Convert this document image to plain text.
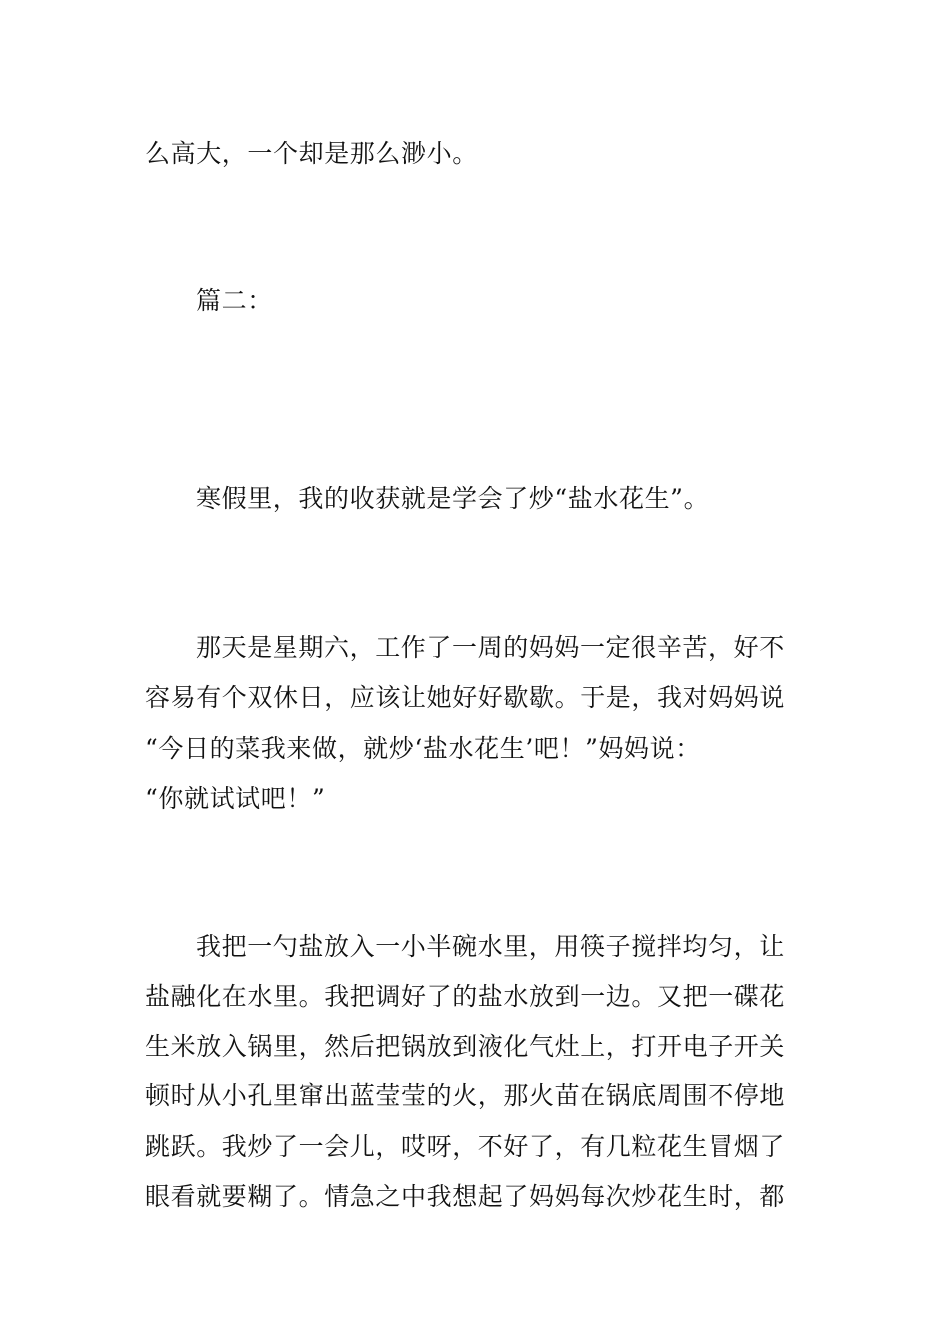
么高大，一个却是那么渺小。
篇二：
寒假里，我的收获就是学会了炒“盐水花生”。
那天是星期六，工作了一周的妈妈一定很辛苦，好不
容易有个双休日，应该让她好好歇歇。于是，我对妈妈说
“今日的菜我来做，就炒‘盐水花生’吧！”妈妈说：
“你就试试吧！”
我把一勺盐放入一小半碗水里，用筷子搅拌均匀，让
盐融化在水里。我把调好了的盐水放到一边。又把一碟花
生米放入锅里，然后把锅放到液化气灶上，打开电子开关
顿时从小孔里窜出蓝莹莹的火，那火苗在锅底周围不停地
跳跃。我炒了一会儿，哎呀，不好了，有几粒花生冒烟了
眼看就要糊了。情急之中我想起了妈妈每次炒花生时，都
